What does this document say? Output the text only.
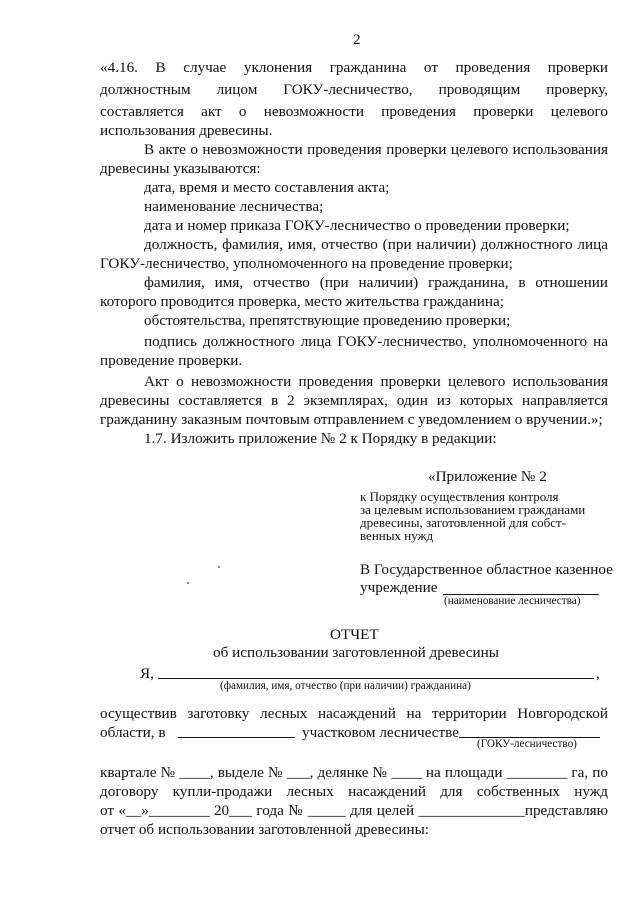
2
«4.16. В случае уклонения гражданина от проведения проверки
должностным лицом ГОКУ-лесничество, проводящим проверку,
составляется акт о невозможности проведения проверки целевого
использования древесины.
В акте о невозможности проведения проверки целевого использования
древесины указываются:
дата, время и место составления акта;
наименование лесничества;
дата и номер приказа ГОКУ-лесничество о проведении проверки;
должность, фамилия, имя, отчество (при наличии) должностного лица
ГОКУ-лесничество, уполномоченного на проведение проверки;
фамилия, имя, отчество (при наличии) гражданина, в отношении
которого проводится проверка, место жительства гражданина;
обстоятельства, препятствующие проведению проверки;
подпись должностного лица ГОКУ-лесничество, уполномоченного на
проведение проверки.
Акт о невозможности проведения проверки целевого использования
древесины составляется в 2 экземплярах, один из которых направляется
гражданину заказным почтовым отправлением с уведомлением о вручении.»;
1.7. Изложить приложение № 2 к Порядку в редакции:
«Приложение № 2
к Порядку осуществления контроля
за целевым использованием гражданами
древесины, заготовленной для собст-
венных нужд
В Государственное областное казенное
учреждение
(наименование лесничества)
ОТЧЕТ
об использовании заготовленной древесины
Я,	,
(фамилия, имя, отчество (при наличии) гражданина)
осуществив заготовку лесных насаждений на территории Новгородской
области, в	участковом лесничестве
(ГОКУ-лесничество)
квартале № ____, выделе № ___, делянке № ____ на площади ________ га, по
договору купли-продажи лесных насаждений для собственных нужд
от «__»________ 20___ года № _____ для целей ______________представляю
отчет об использовании заготовленной древесины:
